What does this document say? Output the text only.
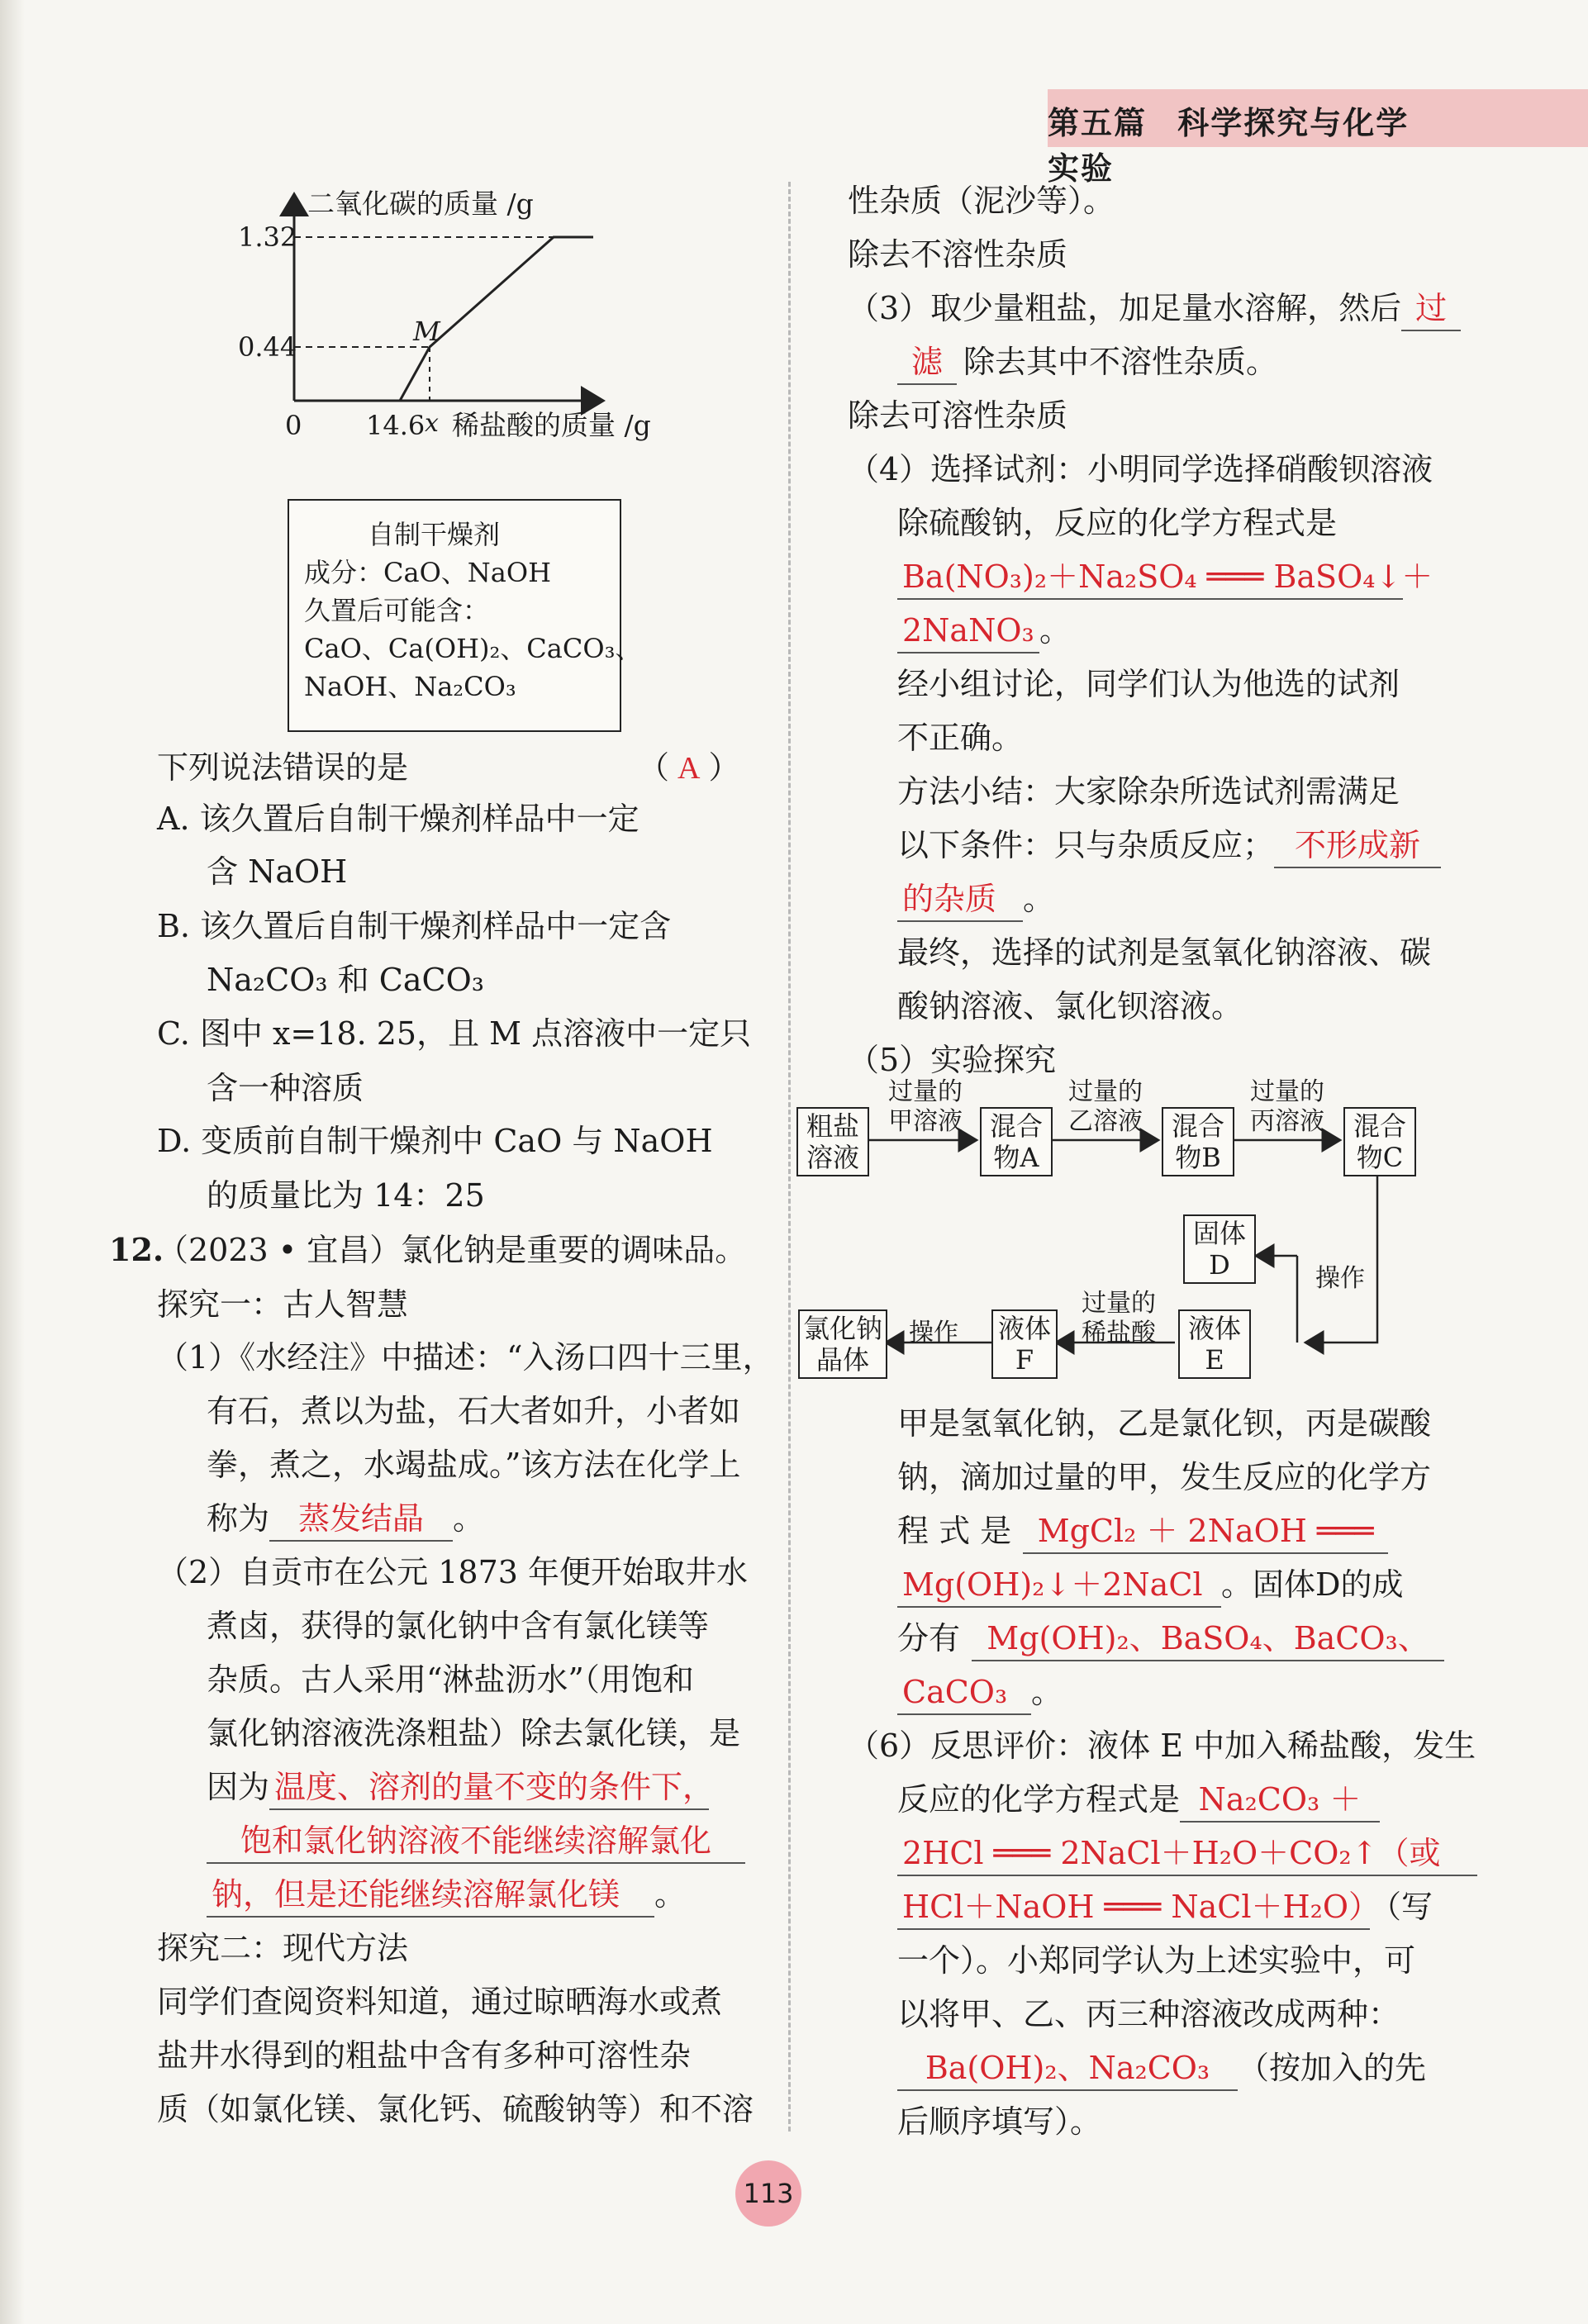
第五篇 科学探究与化学实验
二氧化碳的质量 /g
1.32
0.44	M
0 14.6 x 稀盐酸的质量 /g
自制干燥剂
成分：CaO、NaOH
久置后可能含：
CaO、Ca(OH)₂、CaCO₃、
NaOH、Na₂CO₃
下列说法错误的是	（ A ）
A. 该久置后自制干燥剂样品中一定
含 NaOH
B. 该久置后自制干燥剂样品中一定含
Na₂CO₃ 和 CaCO₃
C. 图中 x=18. 25，且 M 点溶液中一定只
含一种溶质
D. 变质前自制干燥剂中 CaO 与 NaOH
的质量比为 14：25
12.
（2023 • 宜昌）氯化钠是重要的调味品。
探究一：古人智慧
（1）《水经注》中描述：“入汤口四十三里，
有石，煮以为盐，石大者如升，小者如
拳，煮之，水竭盐成。”该方法在化学上
称为 蒸发结晶 。
（2）自贡市在公元 1873 年便开始取井水
煮卤，获得的氯化钠中含有氯化镁等
杂质。古人采用“淋盐沥水”（用饱和
氯化钠溶液洗涤粗盐）除去氯化镁，是
因为 温度、溶剂的量不变的条件下，
饱和氯化钠溶液不能继续溶解氯化
钠，但是还能继续溶解氯化镁 。
探究二：现代方法
同学们查阅资料知道，通过晾晒海水或煮
盐井水得到的粗盐中含有多种可溶性杂
质（如氯化镁、氯化钙、硫酸钠等）和不溶
性杂质（泥沙等）。
除去不溶性杂质
（3）取少量粗盐，加足量水溶解，然后 过
滤 除去其中不溶性杂质。
除去可溶性杂质
（4）选择试剂：小明同学选择硝酸钡溶液
除硫酸钠，反应的化学方程式是
Ba(NO₃)₂＋Na₂SO₄ ═══ BaSO₄↓＋
2NaNO₃ 。
经小组讨论，同学们认为他选的试剂
不正确。
方法小结：大家除杂所选试剂需满足
以下条件：只与杂质反应； 不形成新
的杂质 。
最终，选择的试剂是氢氧化钠溶液、碳
酸钠溶液、氯化钡溶液。
（5）实验探究
粗盐
溶液
混合
物A
混合
物B
混合
物C
固体
D
液体
E
液体
F
氯化钠
晶体
过量的
甲溶液
过量的
乙溶液
过量的
丙溶液
操作
过量的
稀盐酸
操作
甲是氢氧化钠，乙是氯化钡，丙是碳酸
钠，滴加过量的甲，发生反应的化学方
程 式 是 MgCl₂ ＋ 2NaOH ═══
Mg(OH)₂↓＋2NaCl 。固体D的成
分有 Mg(OH)₂、BaSO₄、BaCO₃、
CaCO₃ 。
（6）反思评价：液体 E 中加入稀盐酸，发生
反应的化学方程式是 Na₂CO₃ ＋
2HCl ═══ 2NaCl＋H₂O＋CO₂↑（或
HCl＋NaOH ═══ NaCl＋H₂O）（写
一个）。小郑同学认为上述实验中，可
以将甲、乙、丙三种溶液改成两种：
Ba(OH)₂、Na₂CO₃ （按加入的先
后顺序填写）。
113
